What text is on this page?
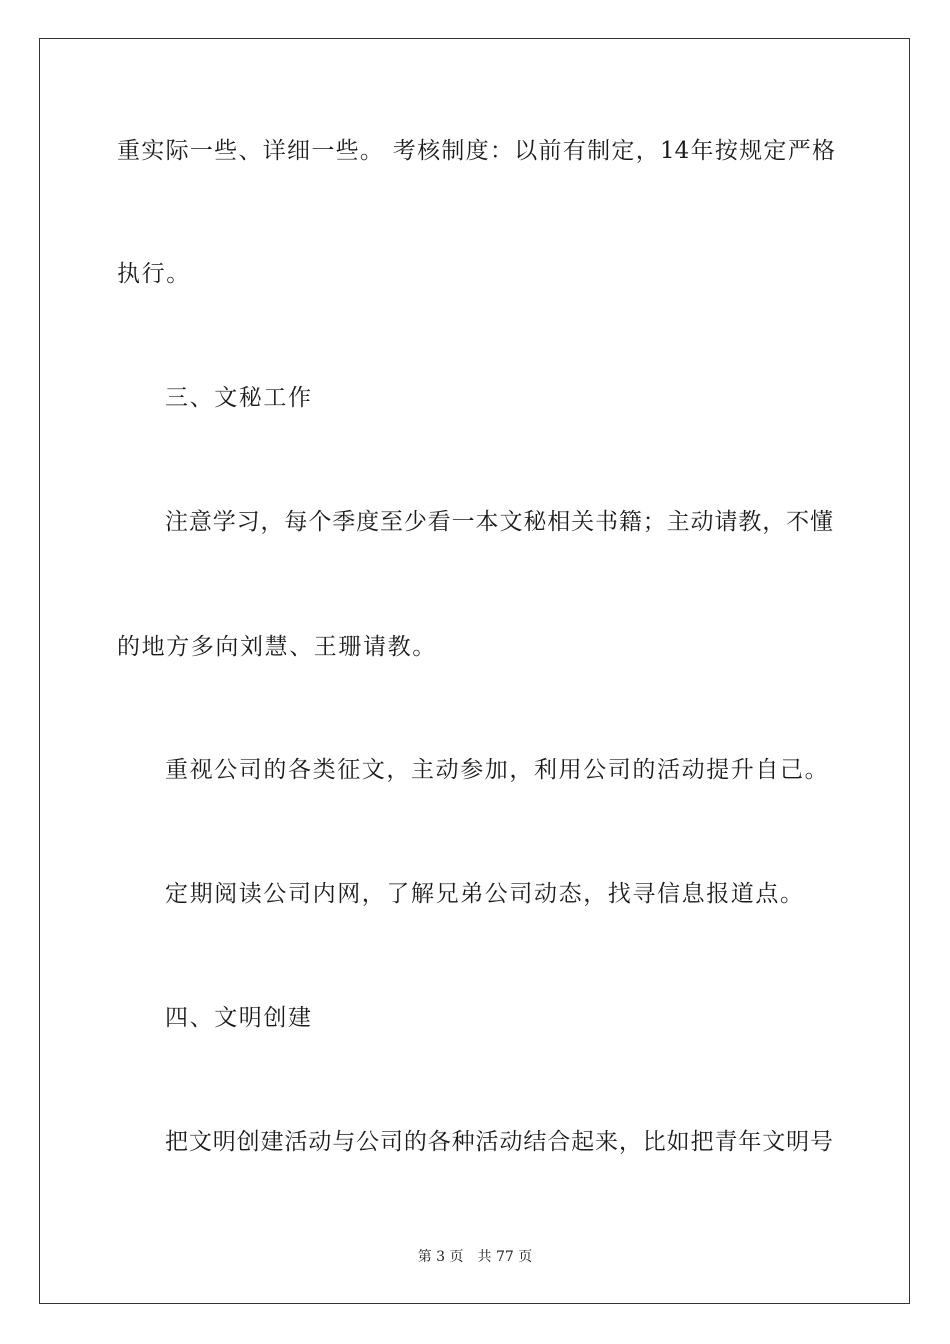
重实际一些、详细一些。 考核制度：以前有制定，14年按规定严格
执行。
三、文秘工作
注意学习，每个季度至少看一本文秘相关书籍；主动请教，不懂
的地方多向刘慧、王珊请教。
重视公司的各类征文，主动参加，利用公司的活动提升自己。
定期阅读公司内网，了解兄弟公司动态，找寻信息报道点。
四、文明创建
把文明创建活动与公司的各种活动结合起来，比如把青年文明号
第 3 页 共 77 页
